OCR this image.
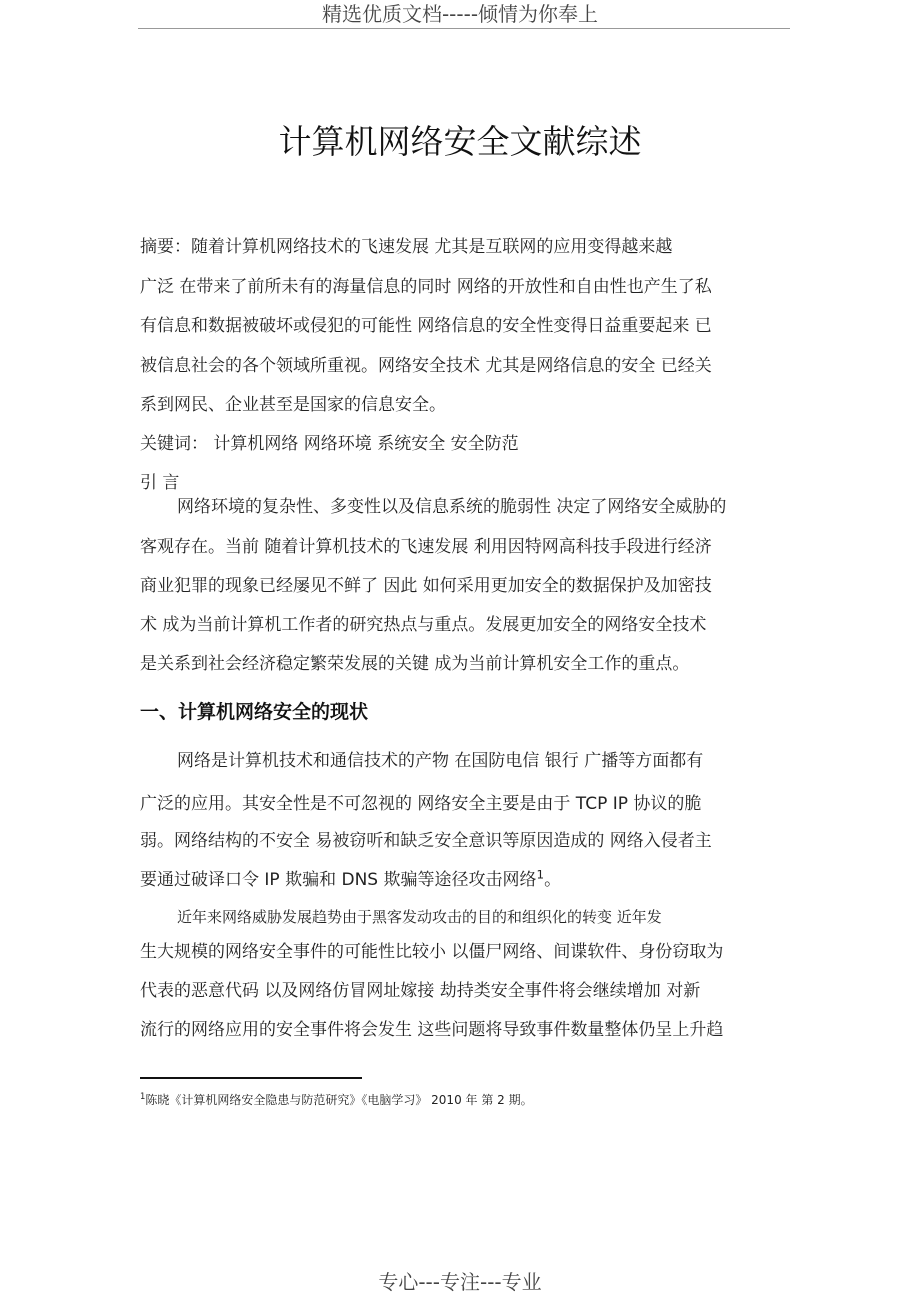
精选优质文档-----倾情为你奉上
计算机网络安全文献综述
摘要：随着计算机网络技术的飞速发展 尤其是互联网的应用变得越来越
广泛 在带来了前所未有的海量信息的同时 网络的开放性和自由性也产生了私
有信息和数据被破坏或侵犯的可能性 网络信息的安全性变得日益重要起来 已
被信息社会的各个领域所重视。网络安全技术 尤其是网络信息的安全 已经关
系到网民、企业甚至是国家的信息安全。
关键词： 计算机网络 网络环境 系统安全 安全防范
引 言
网络环境的复杂性、多变性以及信息系统的脆弱性 决定了网络安全威胁的
客观存在。当前 随着计算机技术的飞速发展 利用因特网高科技手段进行经济
商业犯罪的现象已经屡见不鲜了 因此 如何采用更加安全的数据保护及加密技
术 成为当前计算机工作者的研究热点与重点。发展更加安全的网络安全技术
是关系到社会经济稳定繁荣发展的关键 成为当前计算机安全工作的重点。
一、计算机网络安全的现状
网络是计算机技术和通信技术的产物 在国防电信 银行 广播等方面都有
广泛的应用。其安全性是不可忽视的 网络安全主要是由于 TCP IP 协议的脆
弱。网络结构的不安全 易被窃听和缺乏安全意识等原因造成的 网络入侵者主
要通过破译口令 IP 欺骗和 DNS 欺骗等途径攻击网络$^1$。
近年来网络威胁发展趋势由于黑客发动攻击的目的和组织化的转变 近年发
生大规模的网络安全事件的可能性比较小 以僵尸网络、间谍软件、身份窃取为
代表的恶意代码 以及网络仿冒网址嫁接 劫持类安全事件将会继续增加 对新
流行的网络应用的安全事件将会发生 这些问题将导致事件数量整体仍呈上升趋
$^1$陈晓《计算机网络安全隐患与防范研究》《电脑学习》 2010 年 第 2 期。
专心---专注---专业
